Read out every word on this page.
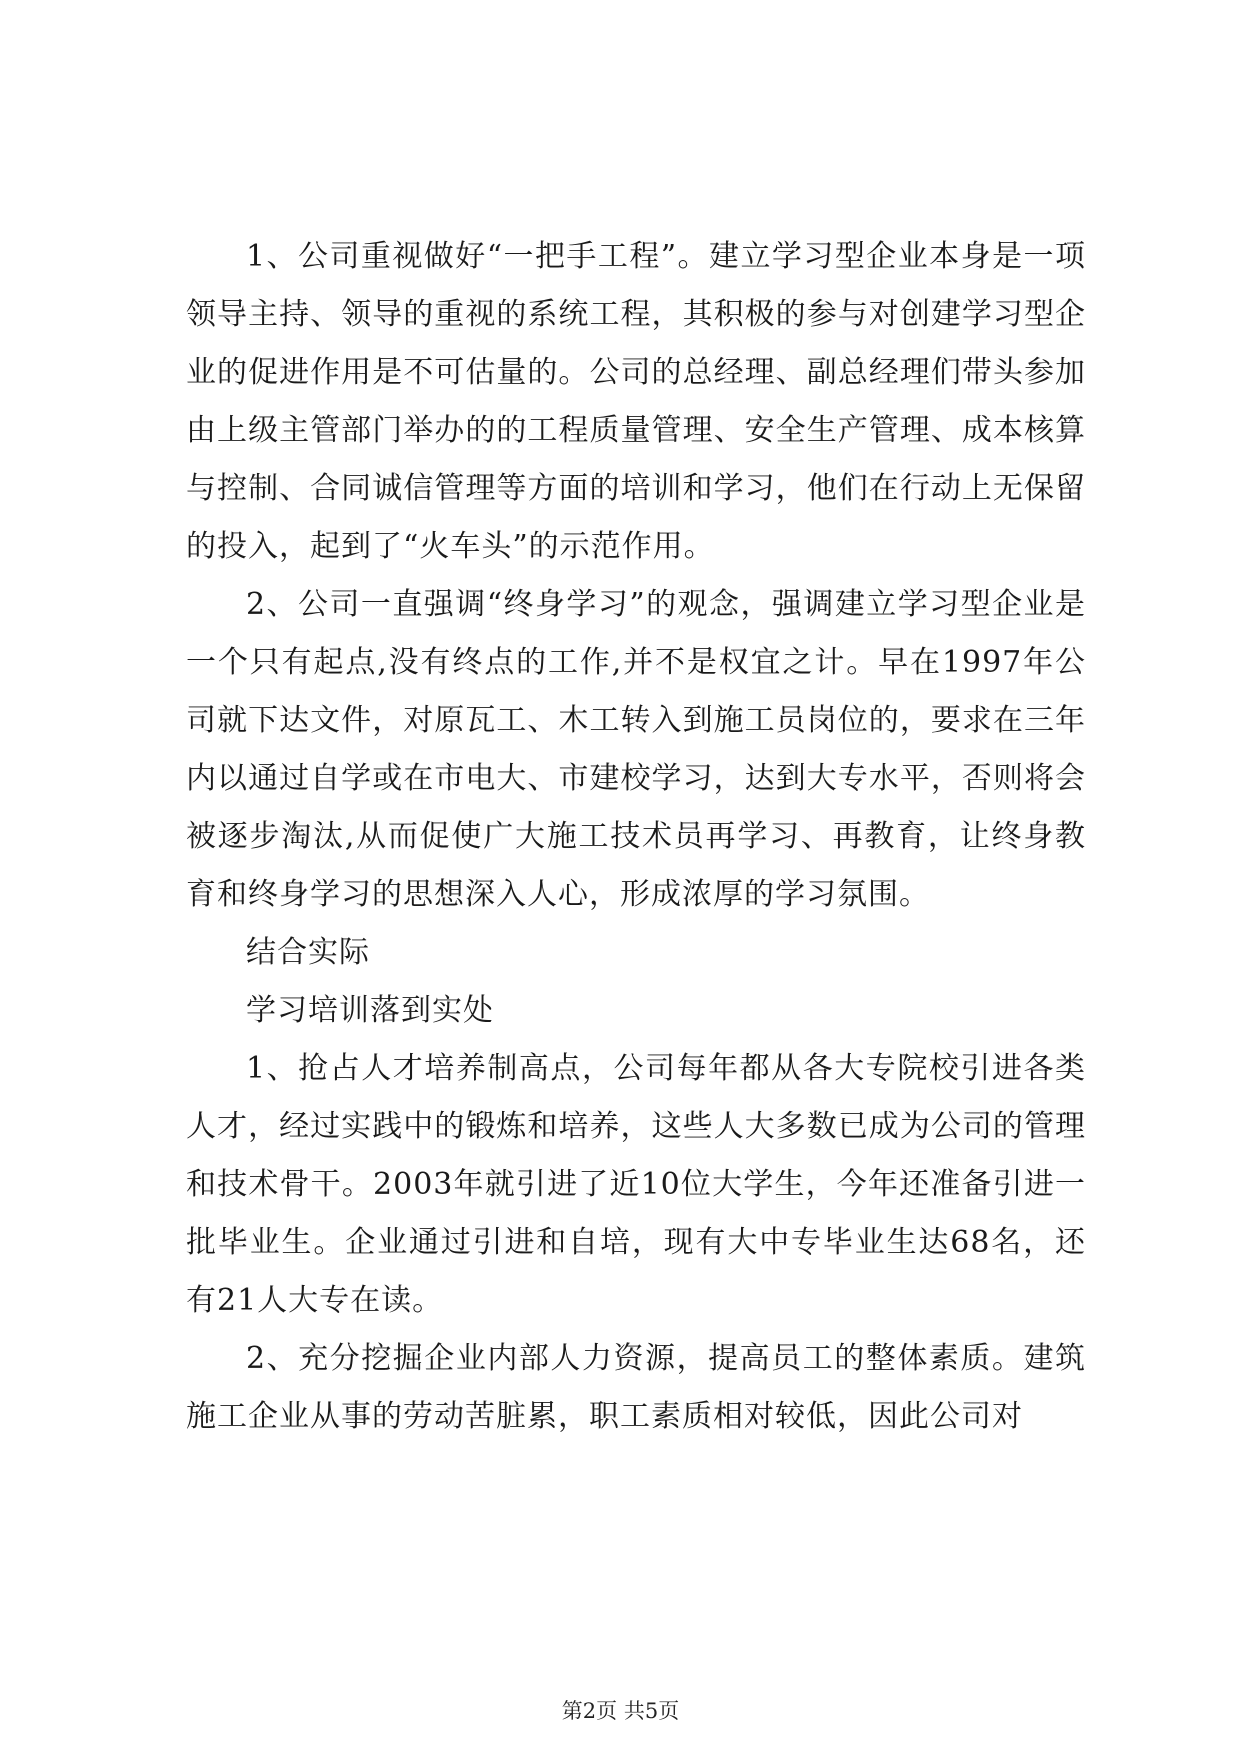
1、公司重视做好“一把手工程”。建立学习型企业本身是一项领导主持、领导的重视的系统工程，其积极的参与对创建学习型企业的促进作用是不可估量的。公司的总经理、副总经理们带头参加由上级主管部门举办的的工程质量管理、安全生产管理、成本核算与控制、合同诚信管理等方面的培训和学习，他们在行动上无保留的投入，起到了“火车头”的示范作用。

2、公司一直强调“终身学习”的观念，强调建立学习型企业是一个只有起点,没有终点的工作,并不是权宜之计。早在1997年公司就下达文件，对原瓦工、木工转入到施工员岗位的，要求在三年内以通过自学或在市电大、市建校学习，达到大专水平，否则将会被逐步淘汰,从而促使广大施工技术员再学习、再教育，让终身教育和终身学习的思想深入人心，形成浓厚的学习氛围。

结合实际

学习培训落到实处

1、抢占人才培养制高点，公司每年都从各大专院校引进各类人才，经过实践中的锻炼和培养，这些人大多数已成为公司的管理和技术骨干。2003年就引进了近10位大学生，今年还准备引进一批毕业生。企业通过引进和自培，现有大中专毕业生达68名，还有21人大专在读。

2、充分挖掘企业内部人力资源，提高员工的整体素质。建筑施工企业从事的劳动苦脏累，职工素质相对较低，因此公司对

第2页 共5页
